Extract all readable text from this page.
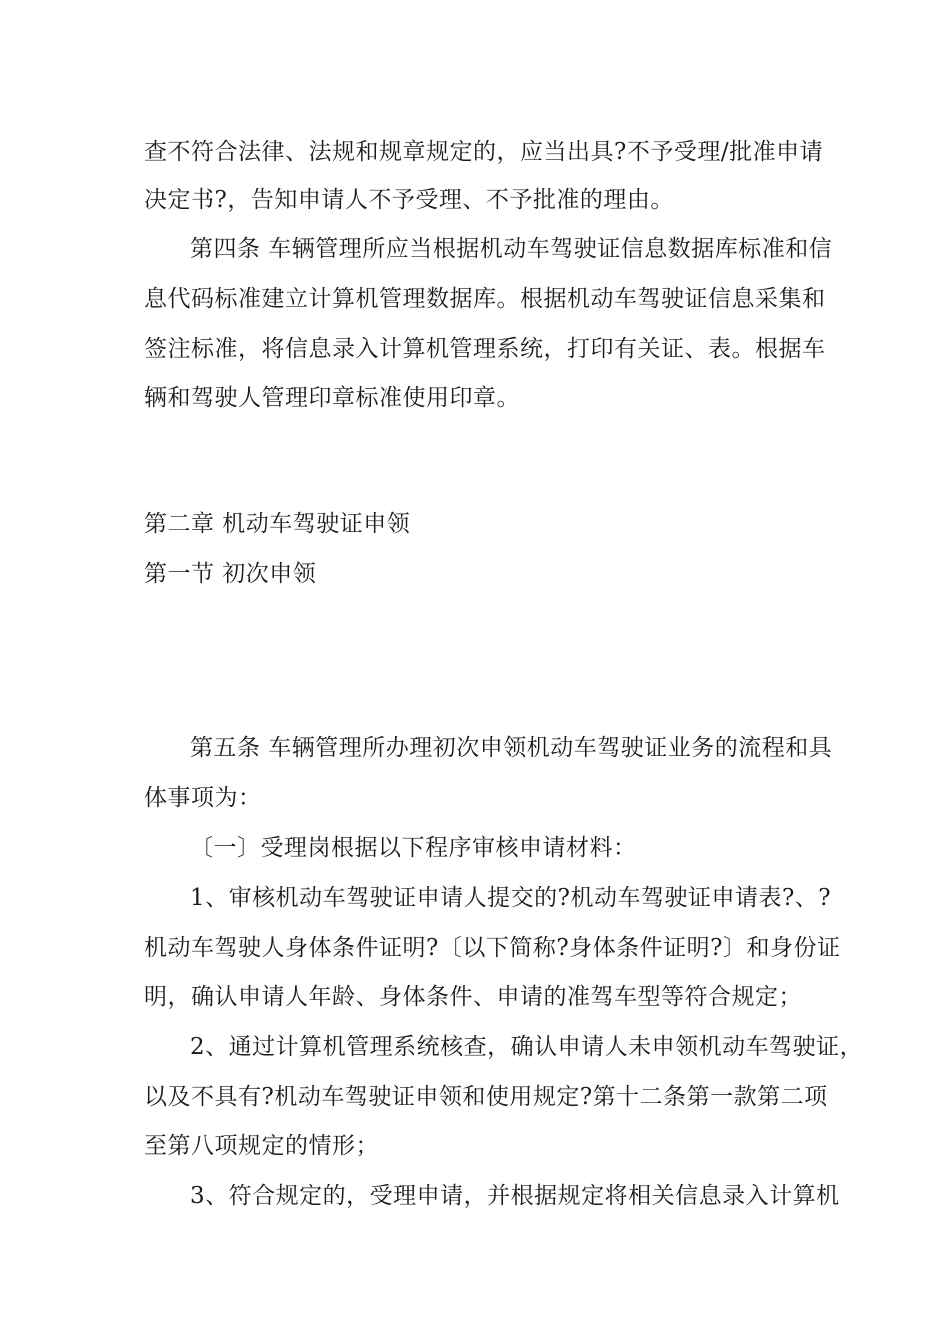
查不符合法律、法规和规章规定的，应当出具?不予受理/批准申请
决定书?，告知申请人不予受理、不予批准的理由。
第四条 车辆管理所应当根据机动车驾驶证信息数据库标准和信
息代码标准建立计算机管理数据库。根据机动车驾驶证信息采集和
签注标准，将信息录入计算机管理系统，打印有关证、表。根据车
辆和驾驶人管理印章标准使用印章。
第二章 机动车驾驶证申领
第一节 初次申领
第五条 车辆管理所办理初次申领机动车驾驶证业务的流程和具
体事项为：
〔一〕受理岗根据以下程序审核申请材料：
1、审核机动车驾驶证申请人提交的?机动车驾驶证申请表?、?
机动车驾驶人身体条件证明?〔以下简称?身体条件证明?〕和身份证
明，确认申请人年龄、身体条件、申请的准驾车型等符合规定；
2、通过计算机管理系统核查，确认申请人未申领机动车驾驶证，
以及不具有?机动车驾驶证申领和使用规定?第十二条第一款第二项
至第八项规定的情形；
3、符合规定的，受理申请，并根据规定将相关信息录入计算机
